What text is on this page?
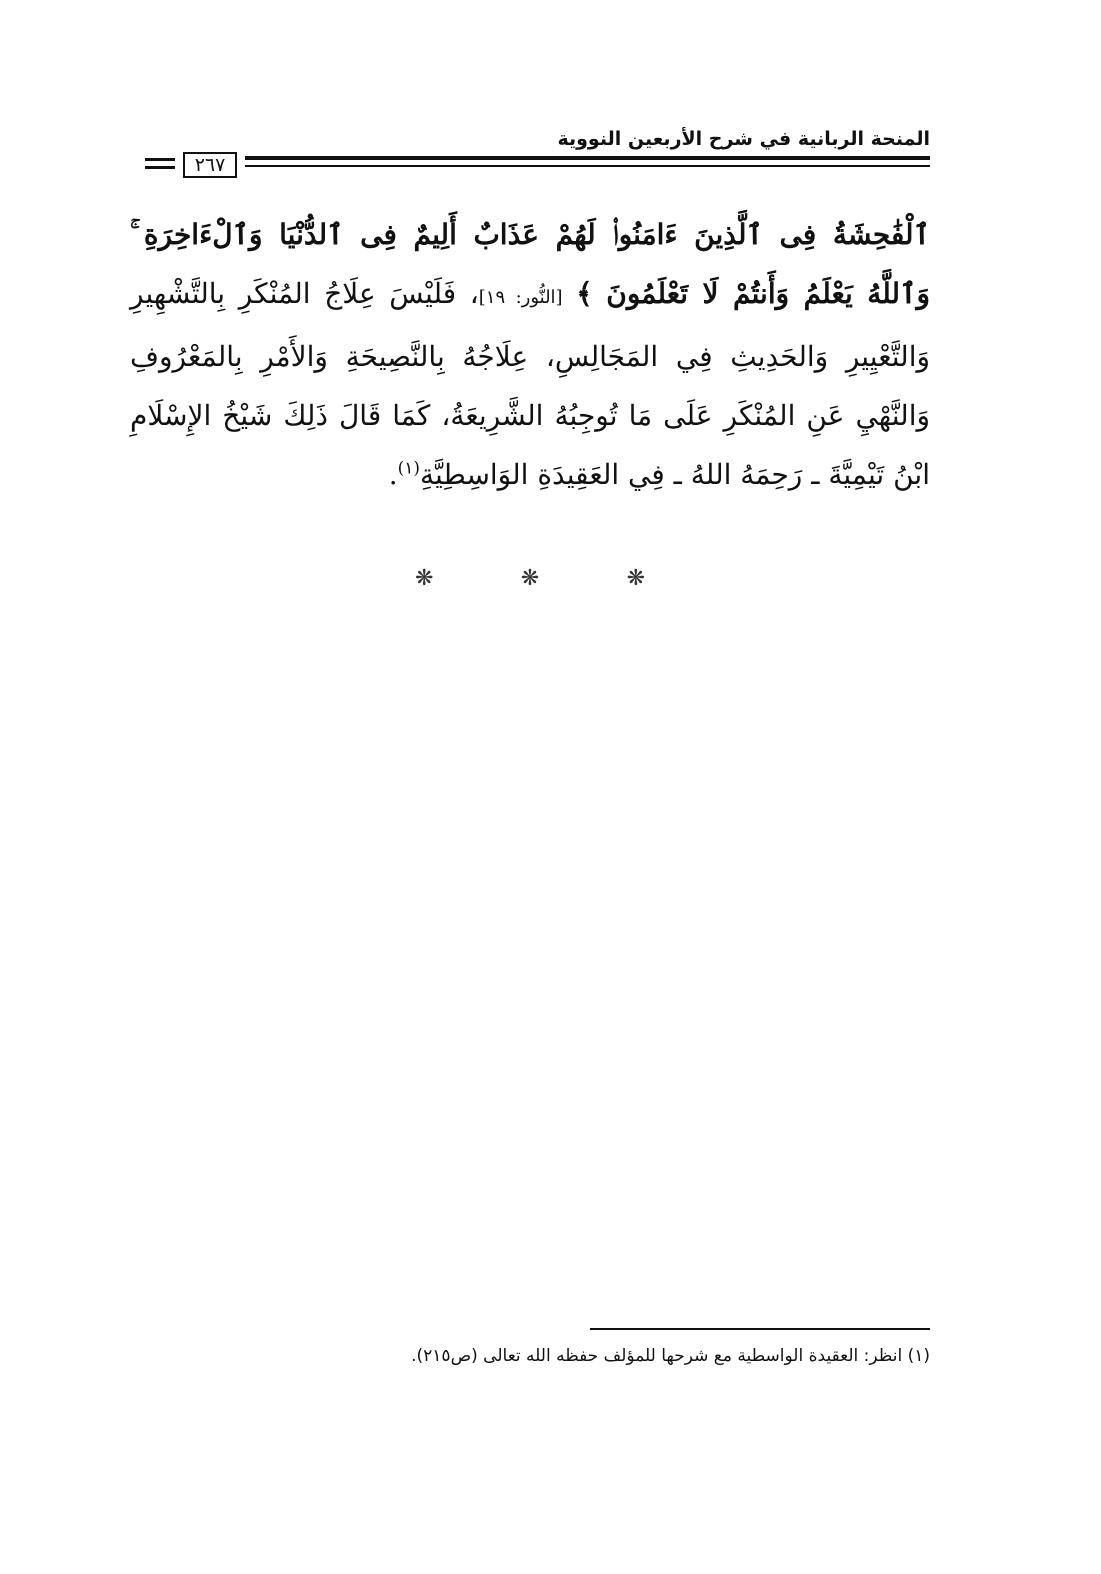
المنحة الربانية في شرح الأربعين النووية
٢٦٧
ٱلْفَٰحِشَةُ فِى ٱلَّذِينَ ءَامَنُوا۟ لَهُمْ عَذَابٌ أَلِيمٌ فِى ٱلدُّنْيَا وَٱلْءَاخِرَةِ ۚ وَٱللَّهُ يَعْلَمُ وَأَنتُمْ لَا تَعْلَمُونَ ﴾ [النُّور: ١٩]، فَلَيْسَ عِلَاجُ المُنْكَرِ بِالتَّشْهِيرِ وَالتَّعْيِيرِ وَالحَدِيثِ فِي المَجَالِسِ، عِلَاجُهُ بِالنَّصِيحَةِ وَالأَمْرِ بِالمَعْرُوفِ وَالنَّهْيِ عَنِ المُنْكَرِ عَلَى مَا تُوجِبُهُ الشَّرِيعَةُ، كَمَا قَالَ ذَلِكَ شَيْخُ الإِسْلَامِ ابْنُ تَيْمِيَّةَ ـ رَحِمَهُ اللهُ ـ فِي العَقِيدَةِ الوَاسِطِيَّةِ$^{(١)}$.
❋	❋	❋
(١) انظر: العقيدة الواسطية مع شرحها للمؤلف حفظه الله تعالى (ص٢١٥).
